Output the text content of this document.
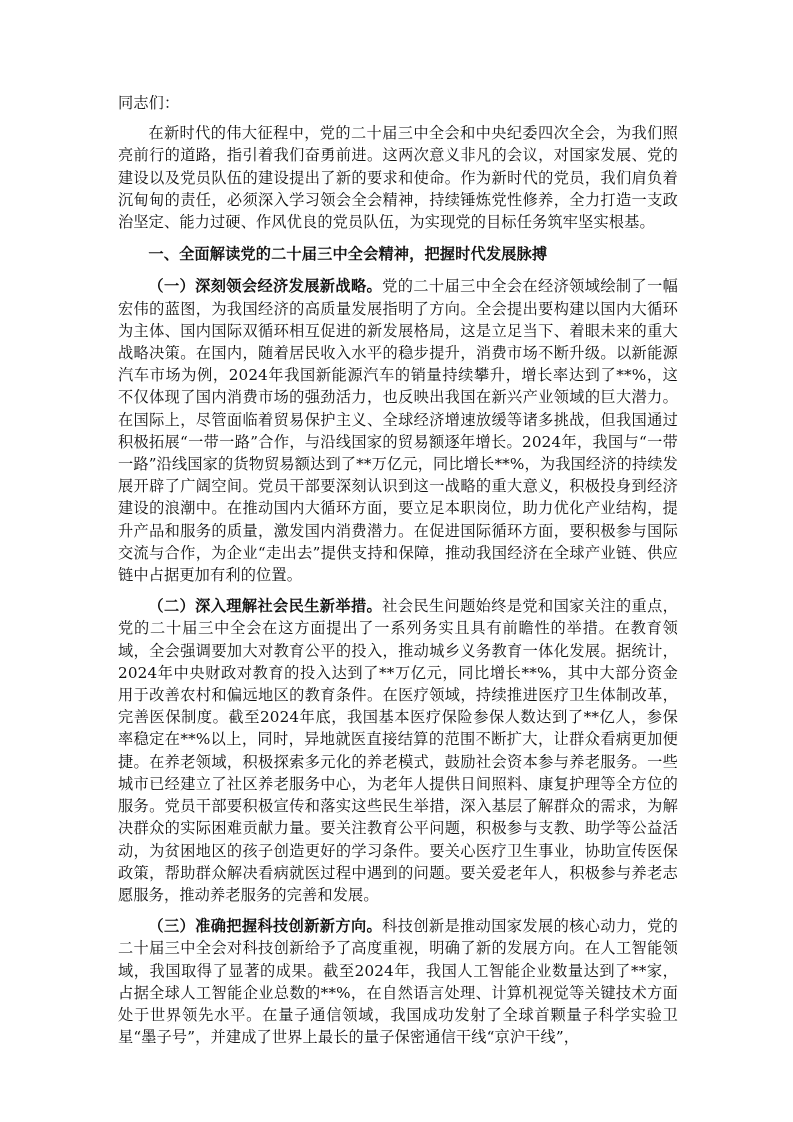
同志们：

在新时代的伟大征程中，党的二十届三中全会和中央纪委四次全会，为我们照亮前行的道路，指引着我们奋勇前进。这两次意义非凡的会议，对国家发展、党的建设以及党员队伍的建设提出了新的要求和使命。作为新时代的党员，我们肩负着沉甸甸的责任，必须深入学习领会全会精神，持续锤炼党性修养，全力打造一支政治坚定、能力过硬、作风优良的党员队伍，为实现党的目标任务筑牢坚实根基。

一、全面解读党的二十届三中全会精神，把握时代发展脉搏

（一）深刻领会经济发展新战略。党的二十届三中全会在经济领域绘制了一幅宏伟的蓝图，为我国经济的高质量发展指明了方向。全会提出要构建以国内大循环为主体、国内国际双循环相互促进的新发展格局，这是立足当下、着眼未来的重大战略决策。在国内，随着居民收入水平的稳步提升，消费市场不断升级。以新能源汽车市场为例，2024年我国新能源汽车的销量持续攀升，增长率达到了**%，这不仅体现了国内消费市场的强劲活力，也反映出我国在新兴产业领域的巨大潜力。在国际上，尽管面临着贸易保护主义、全球经济增速放缓等诸多挑战，但我国通过积极拓展“一带一路”合作，与沿线国家的贸易额逐年增长。2024年，我国与“一带一路”沿线国家的货物贸易额达到了**万亿元，同比增长**%，为我国经济的持续发展开辟了广阔空间。党员干部要深刻认识到这一战略的重大意义，积极投身到经济建设的浪潮中。在推动国内大循环方面，要立足本职岗位，助力优化产业结构，提升产品和服务的质量，激发国内消费潜力。在促进国际循环方面，要积极参与国际交流与合作，为企业“走出去”提供支持和保障，推动我国经济在全球产业链、供应链中占据更加有利的位置。

（二）深入理解社会民生新举措。社会民生问题始终是党和国家关注的重点，党的二十届三中全会在这方面提出了一系列务实且具有前瞻性的举措。在教育领域，全会强调要加大对教育公平的投入，推动城乡义务教育一体化发展。据统计，2024年中央财政对教育的投入达到了**万亿元，同比增长**%，其中大部分资金用于改善农村和偏远地区的教育条件。在医疗领域，持续推进医疗卫生体制改革，完善医保制度。截至2024年底，我国基本医疗保险参保人数达到了**亿人，参保率稳定在**%以上，同时，异地就医直接结算的范围不断扩大，让群众看病更加便捷。在养老领域，积极探索多元化的养老模式，鼓励社会资本参与养老服务。一些城市已经建立了社区养老服务中心，为老年人提供日间照料、康复护理等全方位的服务。党员干部要积极宣传和落实这些民生举措，深入基层了解群众的需求，为解决群众的实际困难贡献力量。要关注教育公平问题，积极参与支教、助学等公益活动，为贫困地区的孩子创造更好的学习条件。要关心医疗卫生事业，协助宣传医保政策，帮助群众解决看病就医过程中遇到的问题。要关爱老年人，积极参与养老志愿服务，推动养老服务的完善和发展。

（三）准确把握科技创新新方向。科技创新是推动国家发展的核心动力，党的二十届三中全会对科技创新给予了高度重视，明确了新的发展方向。在人工智能领域，我国取得了显著的成果。截至2024年，我国人工智能企业数量达到了**家，占据全球人工智能企业总数的**%，在自然语言处理、计算机视觉等关键技术方面处于世界领先水平。在量子通信领域，我国成功发射了全球首颗量子科学实验卫星“墨子号”，并建成了世界上最长的量子保密通信干线“京沪干线”，
